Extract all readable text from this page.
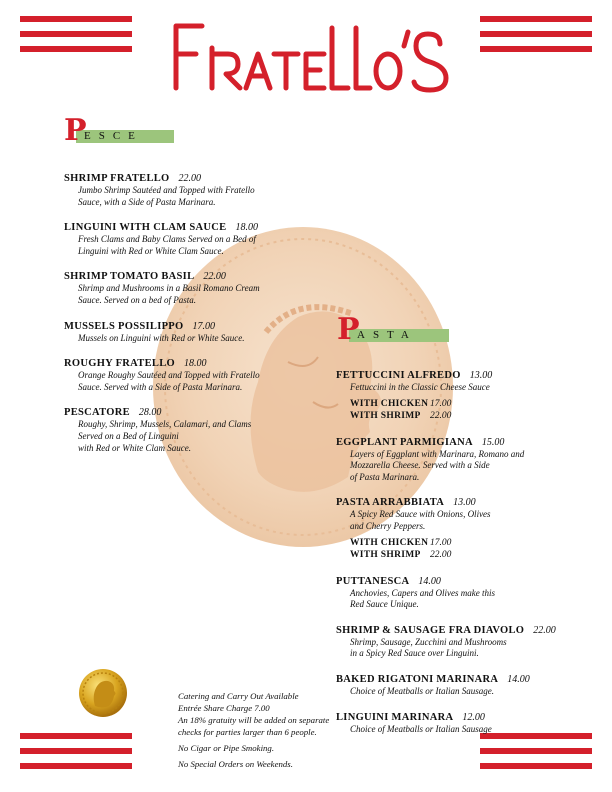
P
ESCE
SHRIMP FRATELLO 22.00
Jumbo Shrimp Sautéed and Topped with Fratello
Sauce, with a Side of Pasta Marinara.
LINGUINI WITH CLAM SAUCE 18.00
Fresh Clams and Baby Clams Served on a Bed of
Linguini with Red or White Clam Sauce.
SHRIMP TOMATO BASIL 22.00
Shrimp and Mushrooms in a Basil Romano Cream
Sauce. Served on a bed of Pasta.
MUSSELS POSSILIPPO 17.00
Mussels on Linguini with Red or White Sauce.
ROUGHY FRATELLO 18.00
Orange Roughy Sautéed and Topped with Fratello
Sauce. Served with a Side of Pasta Marinara.
PESCATORE 28.00
Roughy, Shrimp, Mussels, Calamari, and Clams
Served on a Bed of Linguini
with Red or White Clam Sauce.
P
ASTA
FETTUCCINI ALFREDO 13.00
Fettuccini in the Classic Cheese Sauce
WITH CHICKEN 17.00
WITH SHRIMP 22.00
EGGPLANT PARMIGIANA 15.00
Layers of Eggplant with Marinara, Romano and
Mozzarella Cheese. Served with a Side
of Pasta Marinara.
PASTA ARRABBIATA 13.00
A Spicy Red Sauce with Onions, Olives
and Cherry Peppers.
WITH CHICKEN 17.00
WITH SHRIMP 22.00
PUTTANESCA 14.00
Anchovies, Capers and Olives make this
Red Sauce Unique.
SHRIMP & SAUSAGE FRA DIAVOLO 22.00
Shrimp, Sausage, Zucchini and Mushrooms
in a Spicy Red Sauce over Linguini.
BAKED RIGATONI MARINARA 14.00
Choice of Meatballs or Italian Sausage.
LINGUINI MARINARA 12.00
Choice of Meatballs or Italian Sausage
Catering and Carry Out Available
Entrée Share Charge 7.00
An 18% gratuity will be added on separate
checks for parties larger than 6 people.
No Cigar or Pipe Smoking.
No Special Orders on Weekends.
